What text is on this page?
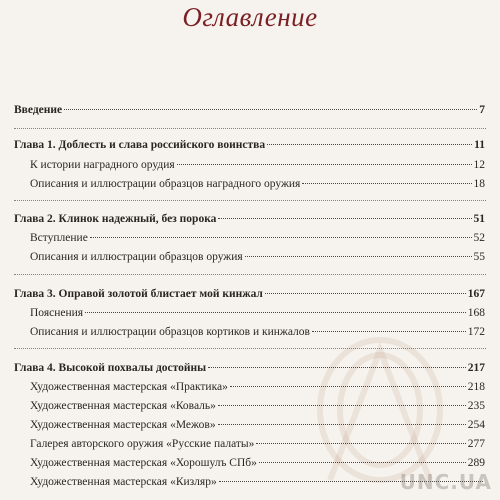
Оглавление
Введение	7
Глава 1. Доблесть и слава российского воинства	11
К истории наградного орудия	12
Описания и иллюстрации образцов наградного оружия	18
Глава 2. Клинок надежный, без порока	51
Вступление	52
Описания и иллюстрации образцов оружия	55
Глава 3. Оправой золотой блистает мой кинжал	167
Пояснения	168
Описания и иллюстрации образцов кортиков и кинжалов	172
Глава 4. Высокой похвалы достойны	217
Художественная мастерская «Практика»	218
Художественная мастерская «Коваль»	235
Художественная мастерская «Межов»	254
Галерея авторского оружия «Русские палаты»	277
Художественная мастерская «Хорошулъ СПб»	289
Художественная мастерская «Кизляр»	UNC.UA
